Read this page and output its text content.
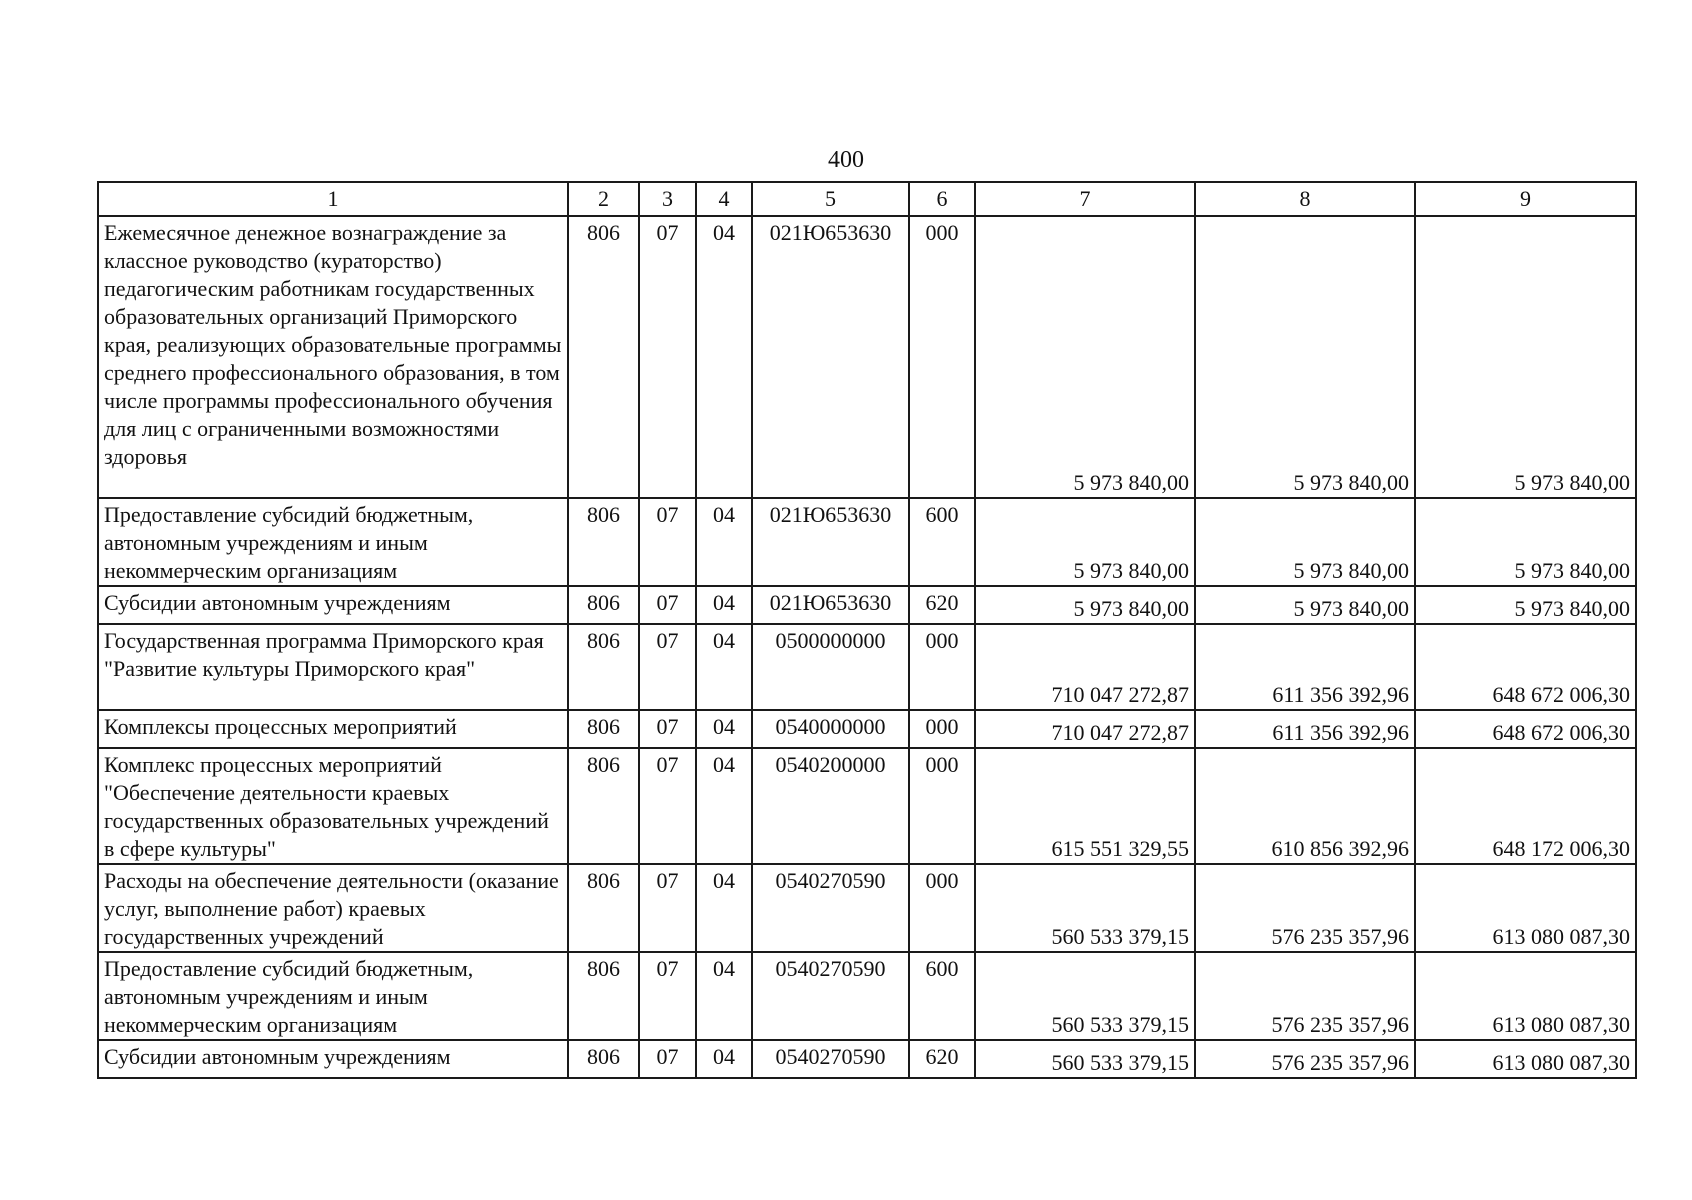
400
1	2	3	4	5	6	7	8	9
Ежемесячное денежное вознаграждение за классное руководство (кураторство) педагогическим работникам государственных образовательных организаций Приморского края, реализующих образовательные программы среднего профессионального образования, в том числе программы профессионального обучения для лиц с ограниченными возможностями здоровья	806	07	04	021Ю653630	000	5 973 840,00	5 973 840,00	5 973 840,00
Предоставление субсидий бюджетным, автономным учреждениям и иным некоммерческим организациям	806	07	04	021Ю653630	600	5 973 840,00	5 973 840,00	5 973 840,00
Субсидии автономным учреждениям	806	07	04	021Ю653630	620	5 973 840,00	5 973 840,00	5 973 840,00
Государственная программа Приморского края "Развитие культуры Приморского края"	806	07	04	0500000000	000	710 047 272,87	611 356 392,96	648 672 006,30
Комплексы процессных мероприятий	806	07	04	0540000000	000	710 047 272,87	611 356 392,96	648 672 006,30
Комплекс процессных мероприятий "Обеспечение деятельности краевых государственных образовательных учреждений в сфере культуры"	806	07	04	0540200000	000	615 551 329,55	610 856 392,96	648 172 006,30
Расходы на обеспечение деятельности (оказание услуг, выполнение работ) краевых государственных учреждений	806	07	04	0540270590	000	560 533 379,15	576 235 357,96	613 080 087,30
Предоставление субсидий бюджетным, автономным учреждениям и иным некоммерческим организациям	806	07	04	0540270590	600	560 533 379,15	576 235 357,96	613 080 087,30
Субсидии автономным учреждениям	806	07	04	0540270590	620	560 533 379,15	576 235 357,96	613 080 087,30
